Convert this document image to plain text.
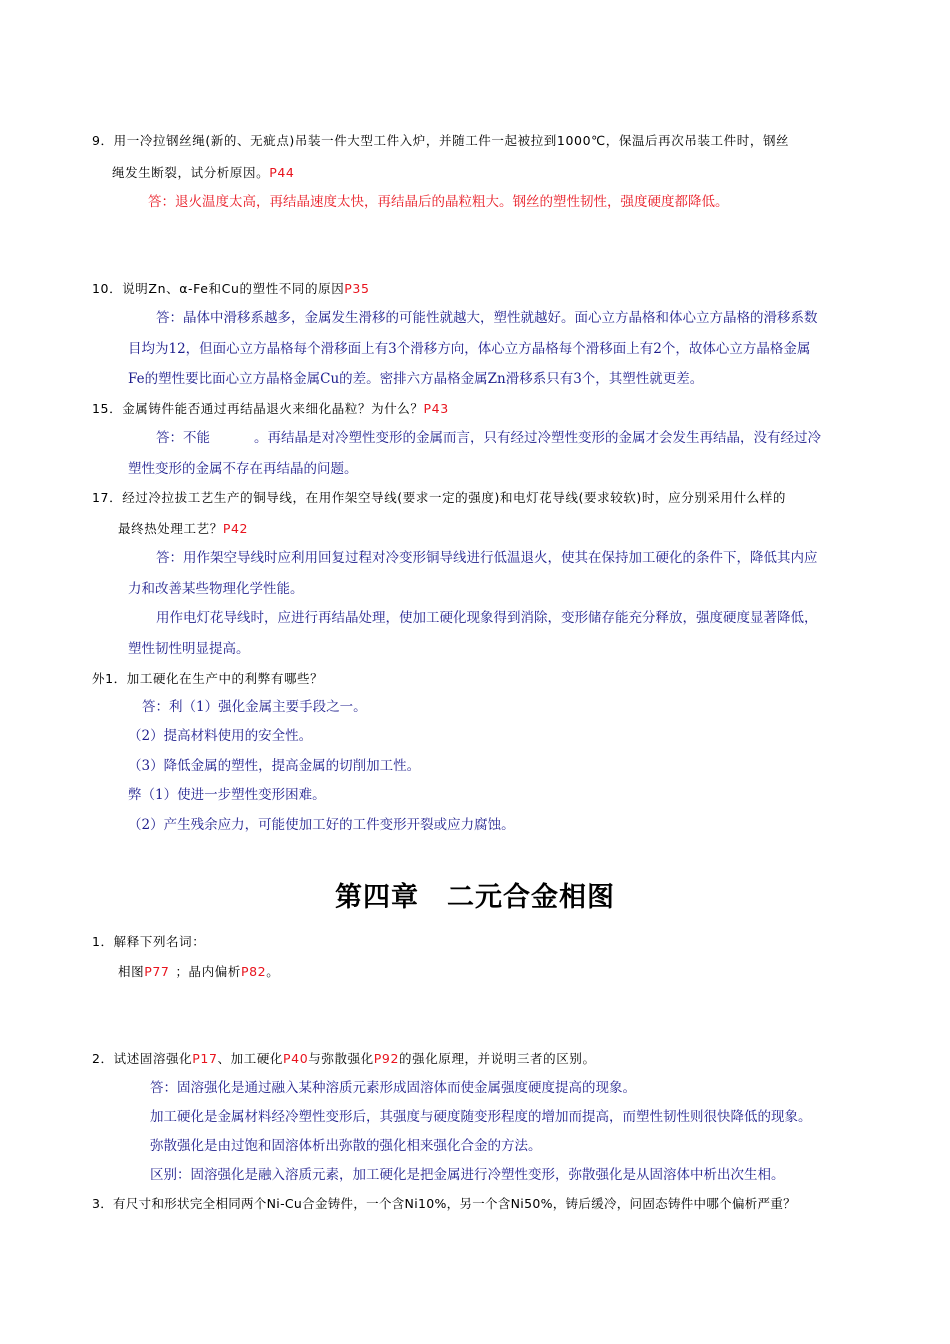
9．用一冷拉钢丝绳(新的、无疵点)吊装一件大型工件入炉，并随工件一起被拉到1000℃，保温后再次吊装工件时，钢丝
绳发生断裂，试分析原因。P44
答：退火温度太高，再结晶速度太快，再结晶后的晶粒粗大。钢丝的塑性韧性，强度硬度都降低。
10．说明Zn、α-Fe和Cu的塑性不同的原因P35
答：晶体中滑移系越多，金属发生滑移的可能性就越大，塑性就越好。面心立方晶格和体心立方晶格的滑移系数
目均为12，但面心立方晶格每个滑移面上有3个滑移方向，体心立方晶格每个滑移面上有2个，故体心立方晶格金属
Fe的塑性要比面心立方晶格金属Cu的差。密排六方晶格金属Zn滑移系只有3个，其塑性就更差。
15．金属铸件能否通过再结晶退火来细化晶粒？为什么？P43
答：不能	。再结晶是对冷塑性变形的金属而言，只有经过冷塑性变形的金属才会发生再结晶，没有经过冷
塑性变形的金属不存在再结晶的问题。
17．经过冷拉拔工艺生产的铜导线，在用作架空导线(要求一定的强度)和电灯花导线(要求较软)时，应分别采用什么样的
最终热处理工艺？P42
答：用作架空导线时应利用回复过程对冷变形铜导线进行低温退火，使其在保持加工硬化的条件下，降低其内应
力和改善某些物理化学性能。
用作电灯花导线时，应进行再结晶处理，使加工硬化现象得到消除，变形储存能充分释放，强度硬度显著降低，
塑性韧性明显提高。
外1．加工硬化在生产中的利弊有哪些？
答：利（1）强化金属主要手段之一。
（2）提高材料使用的安全性。
（3）降低金属的塑性，提高金属的切削加工性。
弊（1）使进一步塑性变形困难。
（2）产生残余应力，可能使加工好的工件变形开裂或应力腐蚀。
第四章　二元合金相图
1．解释下列名词：
相图P77 ；晶内偏析P82。
2．试述固溶强化P17、加工硬化P40与弥散强化P92的强化原理，并说明三者的区别。
答：固溶强化是通过融入某种溶质元素形成固溶体而使金属强度硬度提高的现象。
加工硬化是金属材料经冷塑性变形后，其强度与硬度随变形程度的增加而提高，而塑性韧性则很快降低的现象。
弥散强化是由过饱和固溶体析出弥散的强化相来强化合金的方法。
区别：固溶强化是融入溶质元素，加工硬化是把金属进行冷塑性变形，弥散强化是从固溶体中析出次生相。
3．有尺寸和形状完全相同两个Ni-Cu合金铸件，一个含Ni10%，另一个含Ni50%，铸后缓冷，问固态铸件中哪个偏析严重？
